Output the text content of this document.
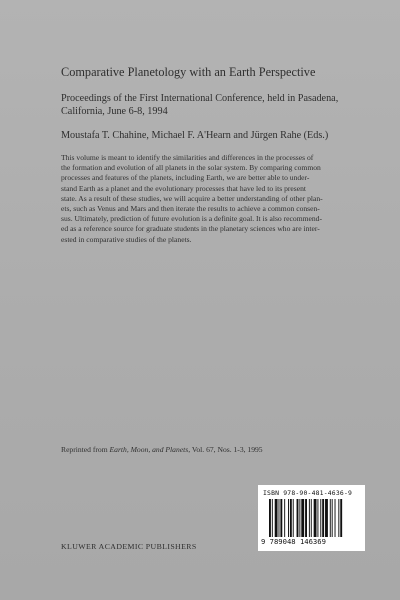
Comparative Planetology with an Earth Perspective
Proceedings of the First International Conference, held in Pasadena,
California, June 6-8, 1994
Moustafa T. Chahine, Michael F. A'Hearn and Jürgen Rahe (Eds.)
This volume is meant to identify the similarities and differences in the processes of
the formation and evolution of all planets in the solar system. By comparing common
processes and features of the planets, including Earth, we are better able to under-
stand Earth as a planet and the evolutionary processes that have led to its present
state. As a result of these studies, we will acquire a better understanding of other plan-
ets, such as Venus and Mars and then iterate the results to achieve a common consen-
sus. Ultimately, prediction of future evolution is a definite goal. It is also recommend-
ed as a reference source for graduate students in the planetary sciences who are inter-
ested in comparative studies of the planets.
Reprinted from Earth, Moon, and Planets, Vol. 67, Nos. 1-3, 1995
ISBN 978-90-481-4636-9
9 789048 146369
KLUWER ACADEMIC PUBLISHERS
